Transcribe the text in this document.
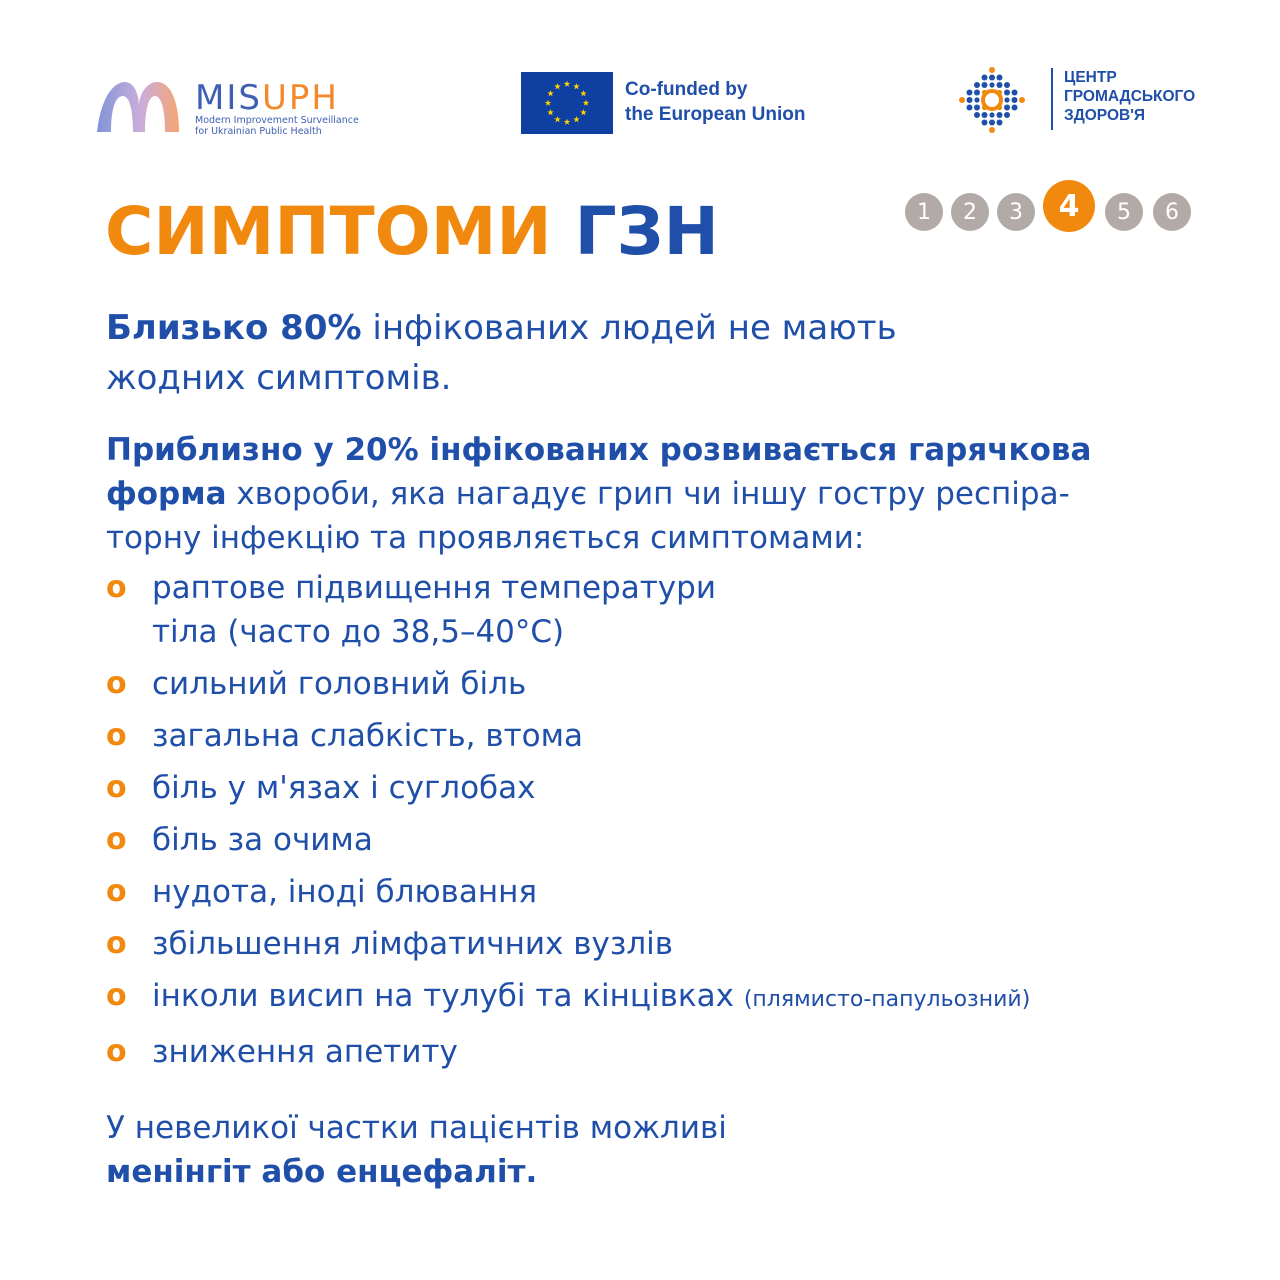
MISUPH
Modern Improvement Surveillance
for Ukrainian Public Health
Co-funded by
the European Union
ЦЕНТР
ГРОМАДСЬКОГО
ЗДОРОВ'Я
СИМПТОМИ ГЗН	1	2	3	4	5	6

Близько 80% інфікованих людей не мають
жодних симптомів.

Приблизно у 20% інфікованих розвивається гарячкова
форма хвороби, яка нагадує грип чи іншу гостру респіра-
торну інфекцію та проявляється симптомами:

o раптове підвищення температури
тіла (часто до 38,5–40°С)
o сильний головний біль
o загальна слабкість, втома
o біль у м'язах і суглобах
o біль за очима
o нудота, іноді блювання
o збільшення лімфатичних вузлів
o інколи висип на тулубі та кінцівках (плямисто-папульозний)
o зниження апетиту

У невеликої частки пацієнтів можливі
менінгіт або енцефаліт.
